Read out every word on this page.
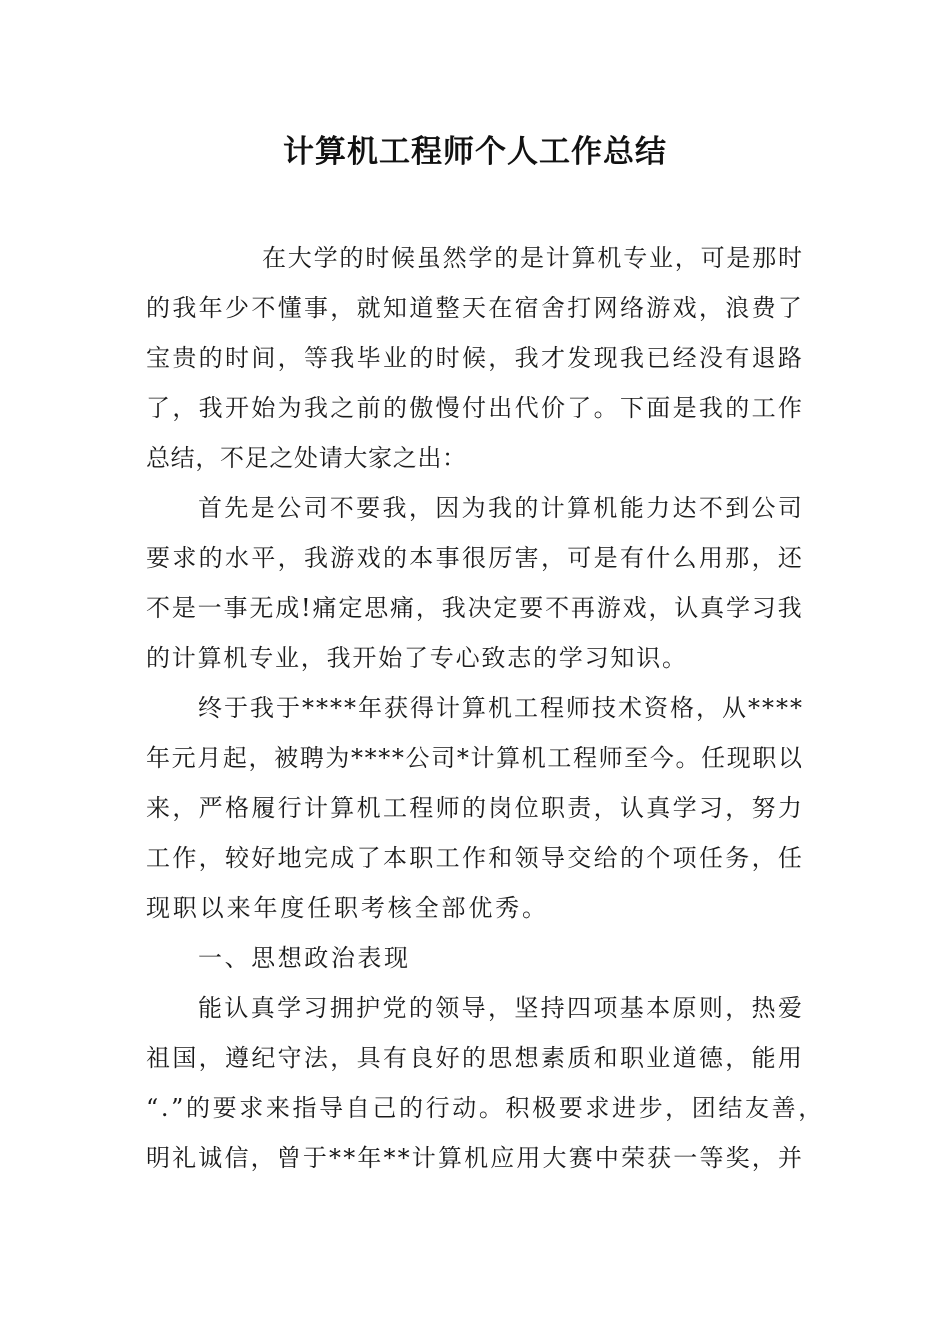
计算机工程师个人工作总结
在大学的时候虽然学的是计算机专业，可是那时
的我年少不懂事，就知道整天在宿舍打网络游戏，浪费了
宝贵的时间，等我毕业的时候，我才发现我已经没有退路
了，我开始为我之前的傲慢付出代价了。下面是我的工作
总结，不足之处请大家之出：
首先是公司不要我，因为我的计算机能力达不到公司
要求的水平，我游戏的本事很厉害，可是有什么用那，还
不是一事无成!痛定思痛，我决定要不再游戏，认真学习我
的计算机专业，我开始了专心致志的学习知识。
终于我于****年获得计算机工程师技术资格，从****
年元月起，被聘为****公司*计算机工程师至今。任现职以
来，严格履行计算机工程师的岗位职责，认真学习，努力
工作，较好地完成了本职工作和领导交给的个项任务，任
现职以来年度任职考核全部优秀。
一、思想政治表现
能认真学习拥护党的领导，坚持四项基本原则，热爱
祖国，遵纪守法，具有良好的思想素质和职业道德，能用
“.”的要求来指导自己的行动。积极要求进步，团结友善，
明礼诚信，曾于**年**计算机应用大赛中荣获一等奖，并
